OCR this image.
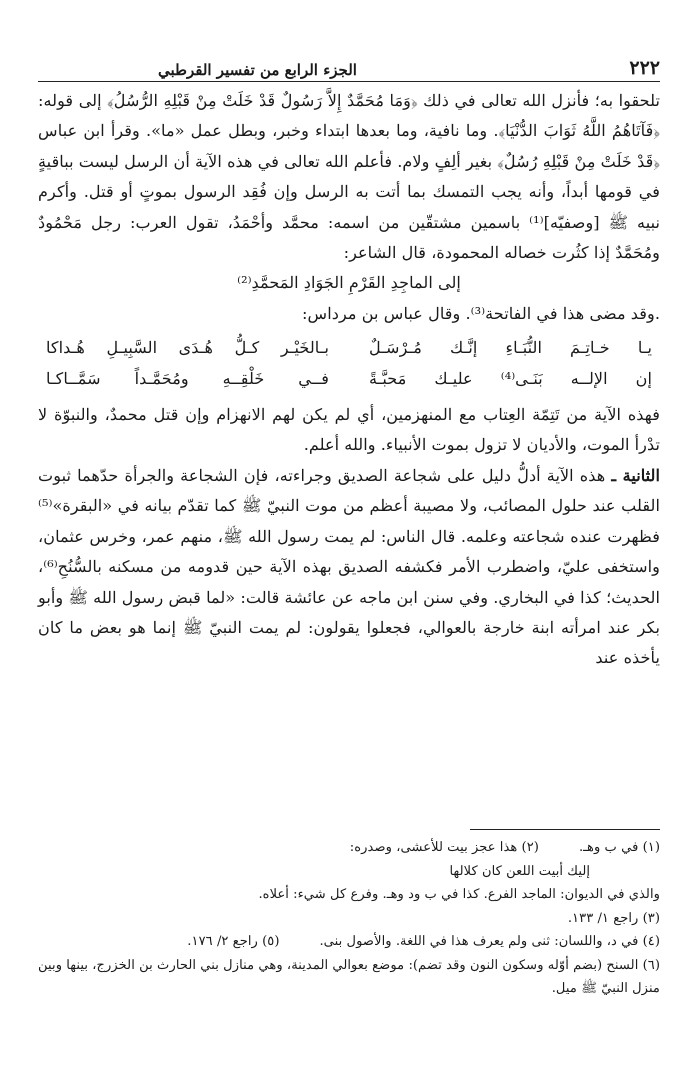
٢٢٢
الجزء الرابع من تفسير القرطبي

تلحقوا به؛ فأنزل الله تعالى في ذلك ﴿وَمَا مُحَمَّدٌ إِلاَّ رَسُولٌ قَدْ خَلَتْ مِنْ قَبْلِهِ الرُّسُلُ﴾ إلى قوله: ﴿فَآتَاهُمُ اللَّهُ ثَوَابَ الدُّنْيَا﴾. وما نافية، وما بعدها ابتداء وخبر، وبطل عمل «ما». وقرأ ابن عباس ﴿قَدْ خَلَتْ مِنْ قَبْلِهِ رُسُلٌ﴾ بغير ألِفٍ ولام. فأعلم الله تعالى في هذه الآية أن الرسل ليست بباقيةٍ في قومها أبداً، وأنه يجب التمسك بما أتت به الرسل وإن فُقِد الرسول بموتٍ أو قتل. وأكرم نبيه ﷺ [وصفيّه]⁽¹⁾ باسمين مشتقّين من اسمه: محمَّد وأحْمَدُ، تقول العرب: رجل مَحْمُودٌ ومُحَمَّدٌ إذا كثُرت خصاله المحمودة، قال الشاعر:

إلى الماجِدِ القَرْمِ الجَوَادِ المَحمَّدِ⁽²⁾

.وقد مضى هذا في الفاتحة⁽³⁾. وقال عباس بن مرداس:

يـا خـاتِـمَ النُّبَـاءِ إنَّـك مُـرْسَـلٌ
بـالخَيْـر كـلُّ هُـدَى السَّبِيـلِ هُـداكا
إن الإلــه بَنَـى⁽⁴⁾ عليـك مَحبَّـةً
فــي خَلْقِــهِ ومُحَمَّـداً سَمَّــاكـا

فهذه الآية من تَتِمّة العِتاب مع المنهزمين، أي لم يكن لهم الانهزام وإن قتل محمدٌ، والنبوّة لا تدْرأ الموت، والأديان لا تزول بموت الأنبياء. والله أعلم.

الثانية ـ هذه الآية أدلُّ دليل على شجاعة الصديق وجراءته، فإن الشجاعة والجرأة حدّهما ثبوت القلب عند حلول المصائب، ولا مصيبة أعظم من موت النبيّ ﷺ كما تقدّم بيانه في «البقرة»⁽⁵⁾ فظهرت عنده شجاعته وعلمه. قال الناس: لم يمت رسول الله ﷺ، منهم عمر، وخرس عثمان، واستخفى عليّ، واضطرب الأمر فكشفه الصديق بهذه الآية حين قدومه من مسكنه بالسُّنُحِ⁽⁶⁾، الحديث؛ كذا في البخاري. وفي سنن ابن ماجه عن عائشة قالت: «لما قبض رسول الله ﷺ وأبو بكر عند امرأته ابنة خارجة بالعوالي، فجعلوا يقولون: لم يمت النبيّ ﷺ إنما هو بعض ما كان يأخذه عند

(١) في ب وهـ.
(٢) هذا عجز بيت للأعشى، وصدره:

إليك أبيت اللعن كان كلالها

والذي في الديوان: الماجد الفرع. كذا في ب ود وهـ. وفرع كل شيء: أعلاه.

(٣) راجع ١/ ١٣٣.

(٤) في د، واللسان: ثنى ولم يعرف هذا في اللغة. والأصول بنى.
(٥) راجع ٢/ ١٧٦.

(٦) السنح (بضم أوّله وسكون النون وقد تضم): موضع بعوالي المدينة، وهي منازل بني الحارث بن الخزرج، بينها وبين منزل النبيّ ﷺ ميل.
